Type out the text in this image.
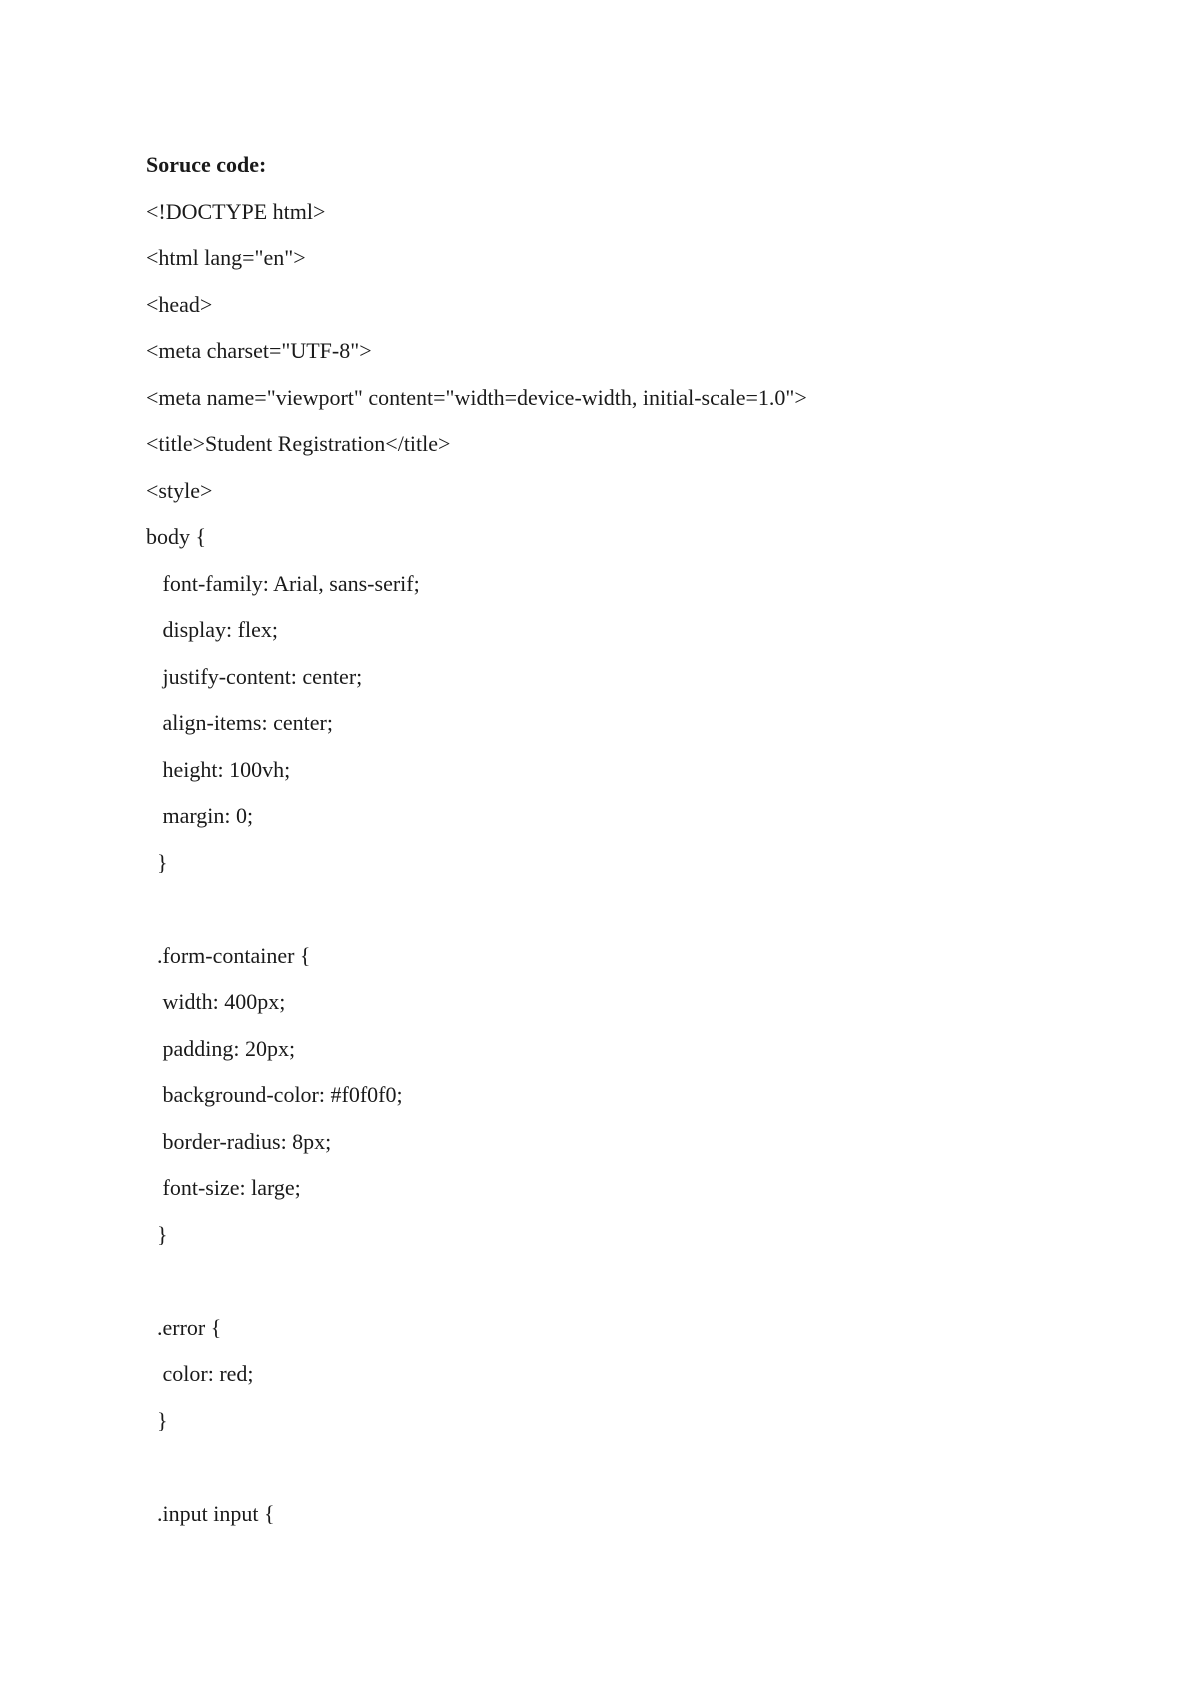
Soruce code:
<!DOCTYPE html>
<html lang="en">
<head>
<meta charset="UTF-8">
<meta name="viewport" content="width=device-width, initial-scale=1.0">
<title>Student Registration</title>
<style>
body {
font-family: Arial, sans-serif;
display: flex;
justify-content: center;
align-items: center;
height: 100vh;
margin: 0;
}
.form-container {
width: 400px;
padding: 20px;
background-color: #f0f0f0;
border-radius: 8px;
font-size: large;
}
.error {
color: red;
}
.input input {
